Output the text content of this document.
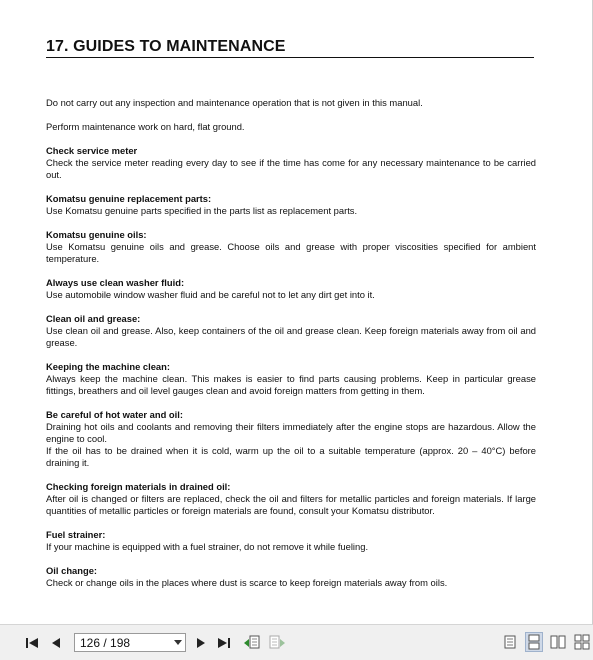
17. GUIDES TO MAINTENANCE

Do not carry out any inspection and maintenance operation that is not given in this manual.

Perform maintenance work on hard, flat ground.

Check service meter

Check the service meter reading every day to see if the time has come for any necessary maintenance to be carried out.

Komatsu genuine replacement parts:

Use Komatsu genuine parts specified in the parts list as replacement parts.

Komatsu genuine oils:

Use Komatsu genuine oils and grease. Choose oils and grease with proper viscosities specified for ambient temperature.

Always use clean washer fluid:

Use automobile window washer fluid and be careful not to let any dirt get into it.

Clean oil and grease:

Use clean oil and grease. Also, keep containers of the oil and grease clean. Keep foreign materials away from oil and grease.

Keeping the machine clean:

Always keep the machine clean. This makes is easier to find parts causing problems. Keep in particular grease fittings, breathers and oil level gauges clean and avoid foreign matters from getting in them.

Be careful of hot water and oil:

Draining hot oils and coolants and removing their filters immediately after the engine stops are hazardous. Allow the engine to cool.

If the oil has to be drained when it is cold, warm up the oil to a suitable temperature (approx. 20 – 40°C) before draining it.

Checking foreign materials in drained oil:

After oil is changed or filters are replaced, check the oil and filters for metallic particles and foreign materials. If large quantities of metallic particles or foreign materials are found, consult your Komatsu distributor.

Fuel strainer:

If your machine is equipped with a fuel strainer, do not remove it while fueling.

Oil change:

Check or change oils in the places where dust is scarce to keep foreign materials away from oils.

126 / 198
